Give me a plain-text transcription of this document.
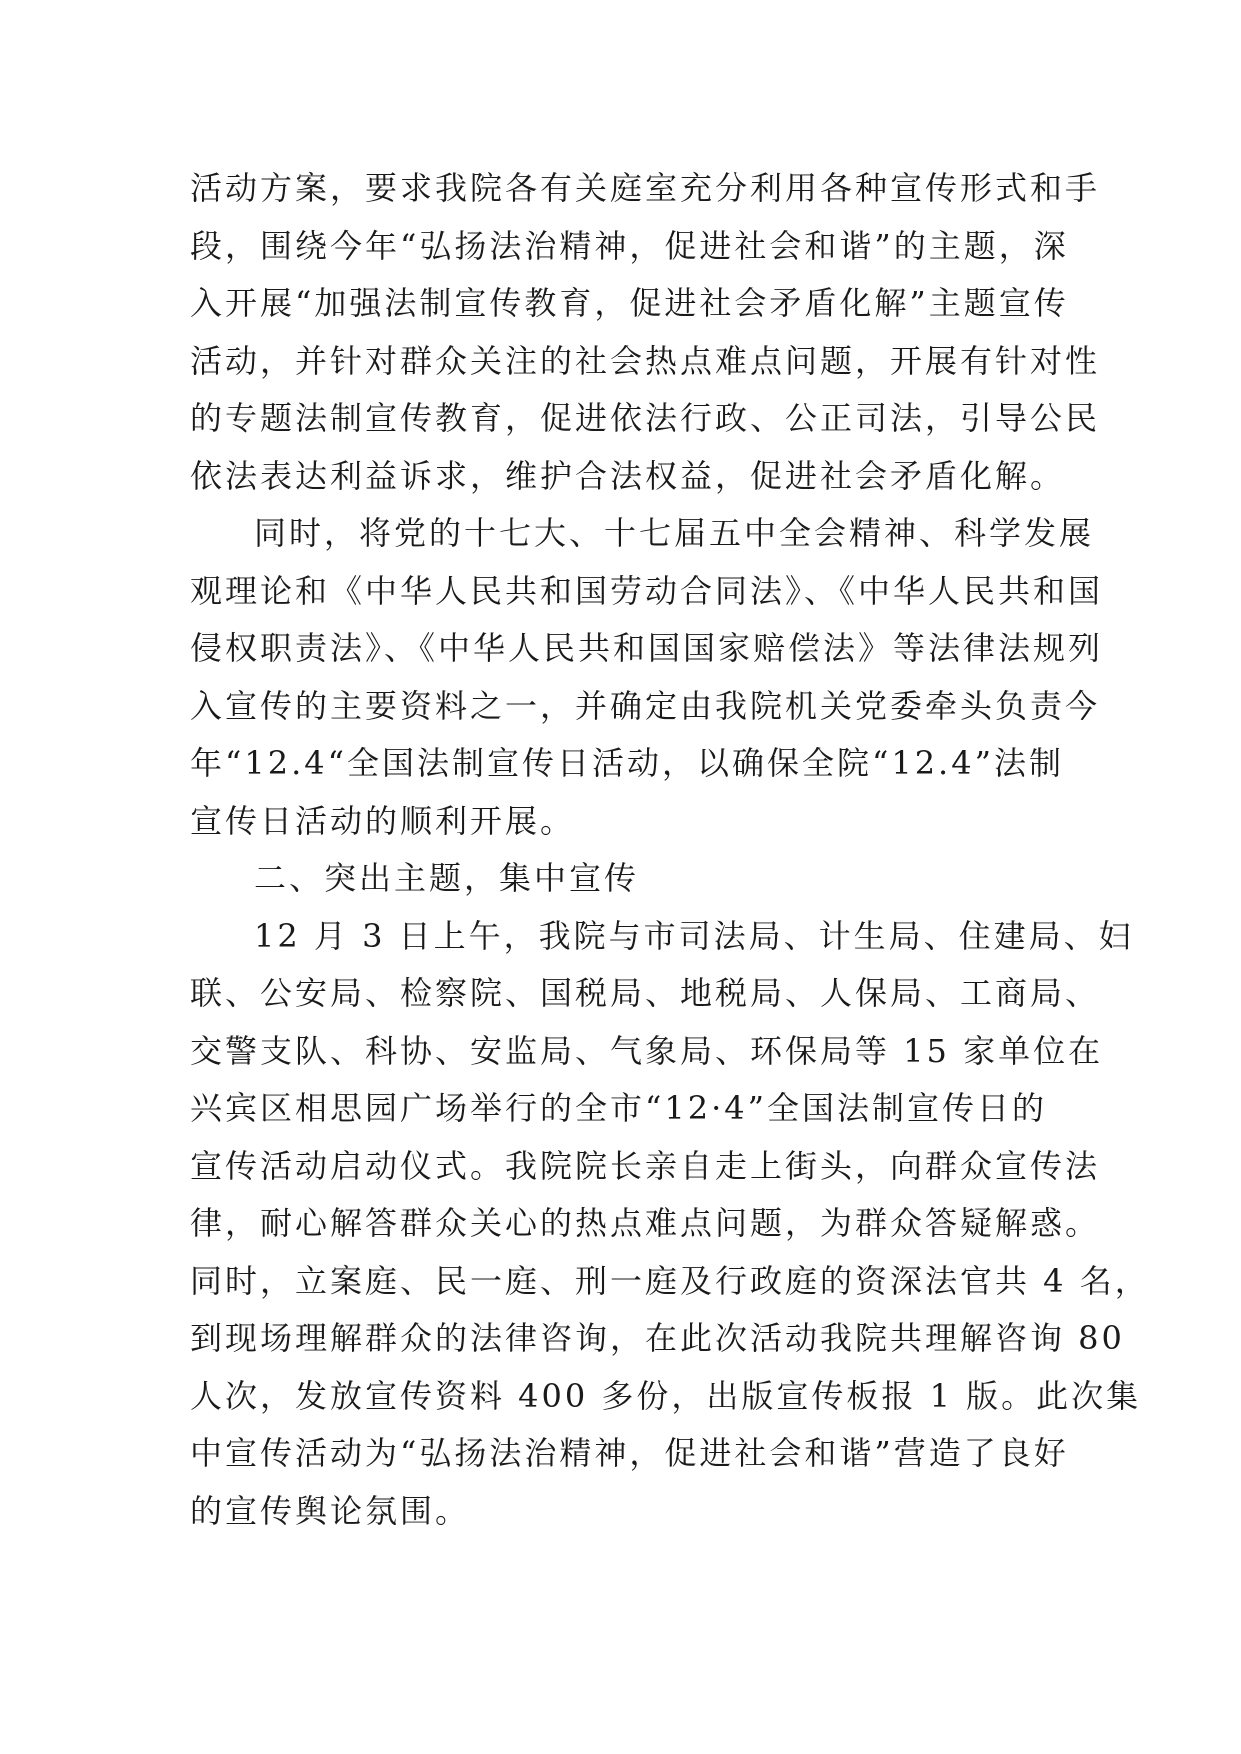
活动方案，要求我院各有关庭室充分利用各种宣传形式和手
段，围绕今年“弘扬法治精神，促进社会和谐”的主题，深
入开展“加强法制宣传教育，促进社会矛盾化解”主题宣传
活动，并针对群众关注的社会热点难点问题，开展有针对性
的专题法制宣传教育，促进依法行政、公正司法，引导公民
依法表达利益诉求，维护合法权益，促进社会矛盾化解。
同时，将党的十七大、十七届五中全会精神、科学发展
观理论和《中华人民共和国劳动合同法》、《中华人民共和国
侵权职责法》、《中华人民共和国国家赔偿法》等法律法规列
入宣传的主要资料之一，并确定由我院机关党委牵头负责今
年“12.4“全国法制宣传日活动，以确保全院“12.4”法制
宣传日活动的顺利开展。
二、突出主题，集中宣传
12 月 3 日上午，我院与市司法局、计生局、住建局、妇
联、公安局、检察院、国税局、地税局、人保局、工商局、
交警支队、科协、安监局、气象局、环保局等 15 家单位在
兴宾区相思园广场举行的全市“12·4”全国法制宣传日的
宣传活动启动仪式。我院院长亲自走上街头，向群众宣传法
律，耐心解答群众关心的热点难点问题，为群众答疑解惑。
同时，立案庭、民一庭、刑一庭及行政庭的资深法官共 4 名，
到现场理解群众的法律咨询，在此次活动我院共理解咨询 80
人次，发放宣传资料 400 多份，出版宣传板报 1 版。此次集
中宣传活动为“弘扬法治精神，促进社会和谐”营造了良好
的宣传舆论氛围。
